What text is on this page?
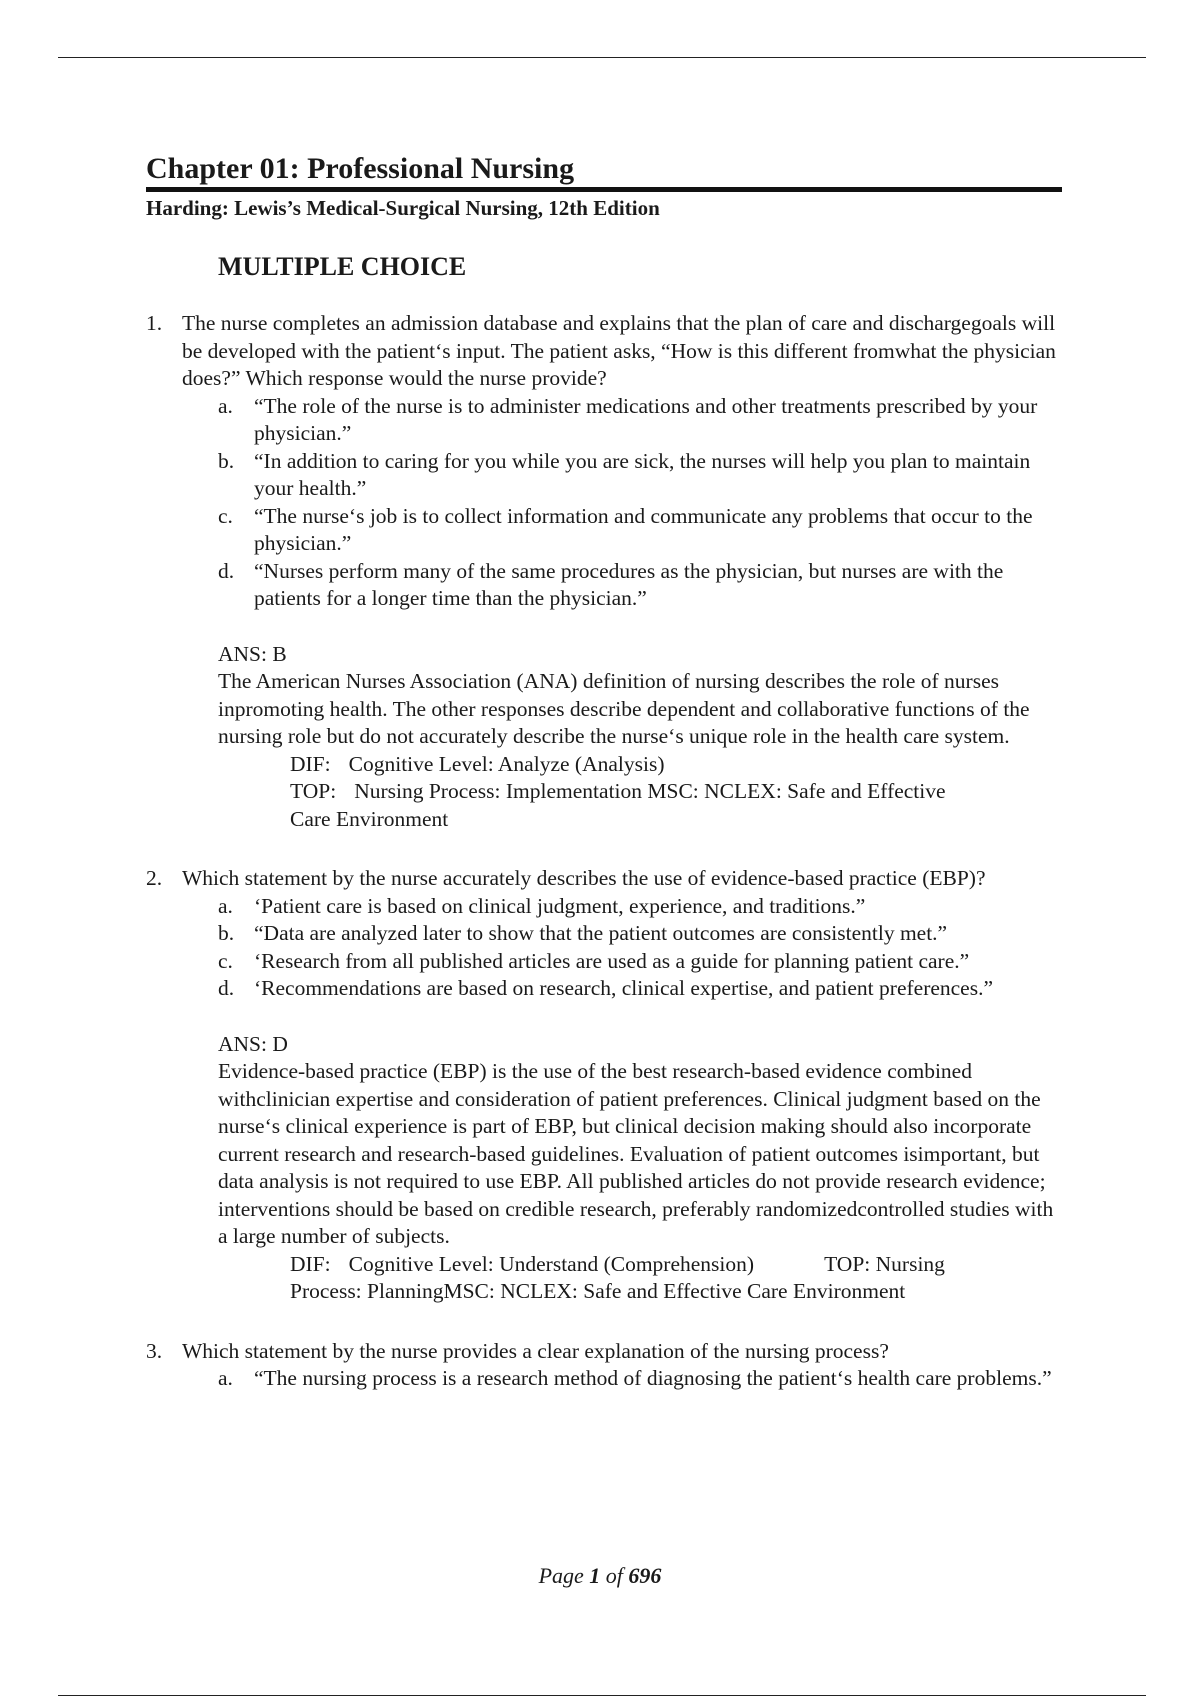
Chapter 01: Professional Nursing
Harding: Lewis’s Medical-Surgical Nursing, 12th Edition
MULTIPLE CHOICE
1. The nurse completes an admission database and explains that the plan of care and dischargegoals will be developed with the patient‘s input. The patient asks, “How is this different fromwhat the physician does?” Which response would the nurse provide?
a. “The role of the nurse is to administer medications and other treatments prescribed by your physician.”
b. “In addition to caring for you while you are sick, the nurses will help you plan to maintain your health.”
c. “The nurse‘s job is to collect information and communicate any problems that occur to the physician.”
d. “Nurses perform many of the same procedures as the physician, but nurses are with the patients for a longer time than the physician.”
ANS: B
The American Nurses Association (ANA) definition of nursing describes the role of nurses inpromoting health. The other responses describe dependent and collaborative functions of the nursing role but do not accurately describe the nurse‘s unique role in the health care system.
DIF: Cognitive Level: Analyze (Analysis)
TOP: Nursing Process: Implementation MSC: NCLEX: Safe and Effective
Care Environment
2. Which statement by the nurse accurately describes the use of evidence-based practice (EBP)?
a. ‘Patient care is based on clinical judgment, experience, and traditions.”
b. “Data are analyzed later to show that the patient outcomes are consistently met.”
c. ‘Research from all published articles are used as a guide for planning patient care.”
d. ‘Recommendations are based on research, clinical expertise, and patient preferences.”
ANS: D
Evidence-based practice (EBP) is the use of the best research-based evidence combined withclinician expertise and consideration of patient preferences. Clinical judgment based on the nurse‘s clinical experience is part of EBP, but clinical decision making should also incorporate current research and research-based guidelines. Evaluation of patient outcomes isimportant, but data analysis is not required to use EBP. All published articles do not provide research evidence; interventions should be based on credible research, preferably randomizedcontrolled studies with a large number of subjects.
DIF: Cognitive Level: Understand (Comprehension)	TOP: Nursing
Process: PlanningMSC: NCLEX: Safe and Effective Care Environment
3. Which statement by the nurse provides a clear explanation of the nursing process?
a. “The nursing process is a research method of diagnosing the patient‘s health care problems.”
Page 1 of 696
